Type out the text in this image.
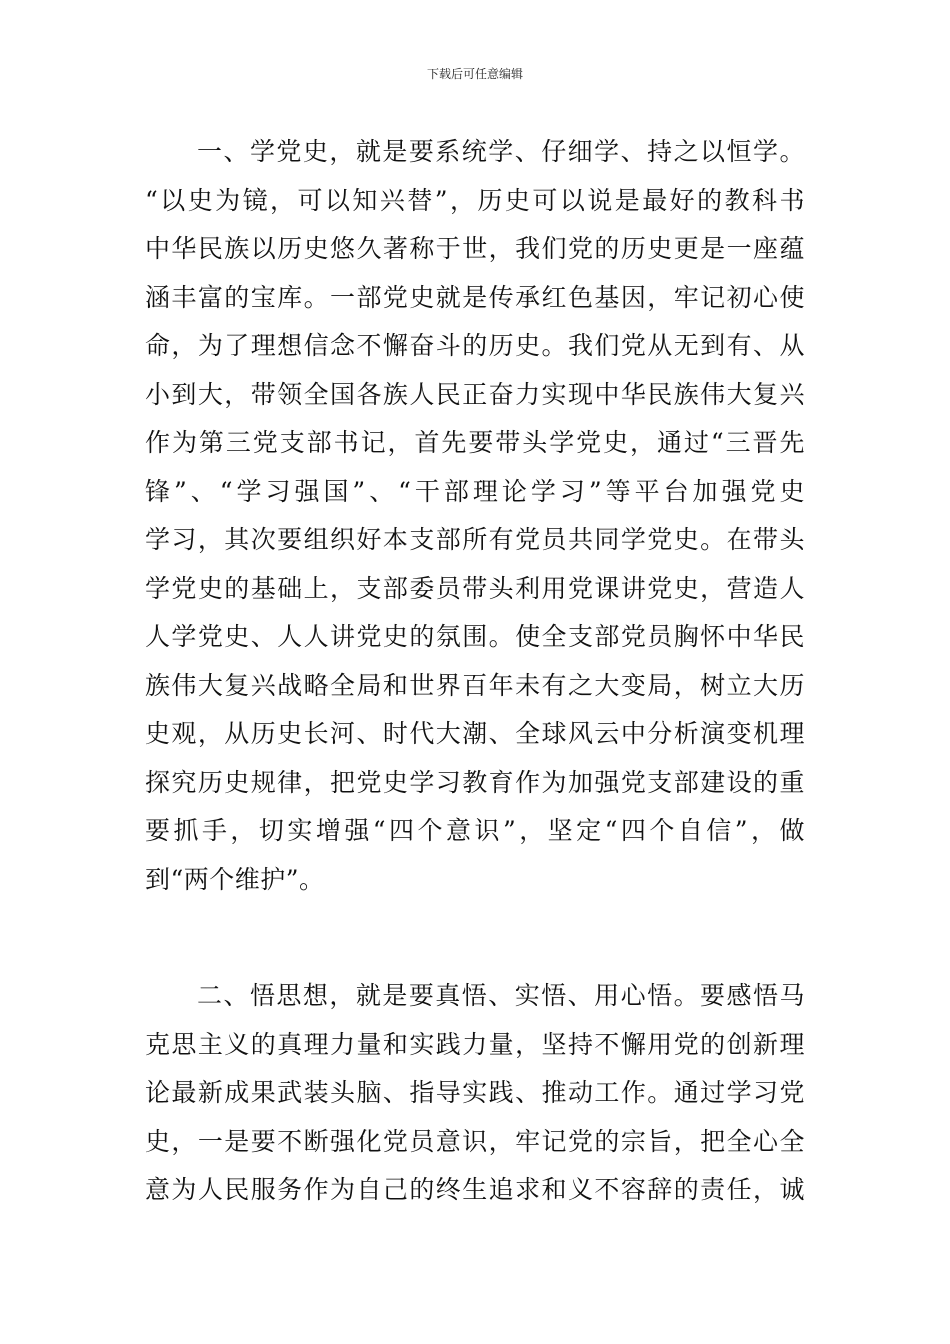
下载后可任意编辑
一、学党史，就是要系统学、仔细学、持之以恒学。
“以史为镜，可以知兴替”，历史可以说是最好的教科书
中华民族以历史悠久著称于世，我们党的历史更是一座蕴
涵丰富的宝库。一部党史就是传承红色基因，牢记初心使
命，为了理想信念不懈奋斗的历史。我们党从无到有、从
小到大，带领全国各族人民正奋力实现中华民族伟大复兴
作为第三党支部书记，首先要带头学党史，通过“三晋先
锋”、“学习强国”、“干部理论学习”等平台加强党史
学习，其次要组织好本支部所有党员共同学党史。在带头
学党史的基础上，支部委员带头利用党课讲党史，营造人
人学党史、人人讲党史的氛围。使全支部党员胸怀中华民
族伟大复兴战略全局和世界百年未有之大变局，树立大历
史观，从历史长河、时代大潮、全球风云中分析演变机理
探究历史规律，把党史学习教育作为加强党支部建设的重
要抓手，切实增强“四个意识”，坚定“四个自信”，做
到“两个维护”。
二、悟思想，就是要真悟、实悟、用心悟。要感悟马
克思主义的真理力量和实践力量，坚持不懈用党的创新理
论最新成果武装头脑、指导实践、推动工作。通过学习党
史，一是要不断强化党员意识，牢记党的宗旨，把全心全
意为人民服务作为自己的终生追求和义不容辞的责任，诚
